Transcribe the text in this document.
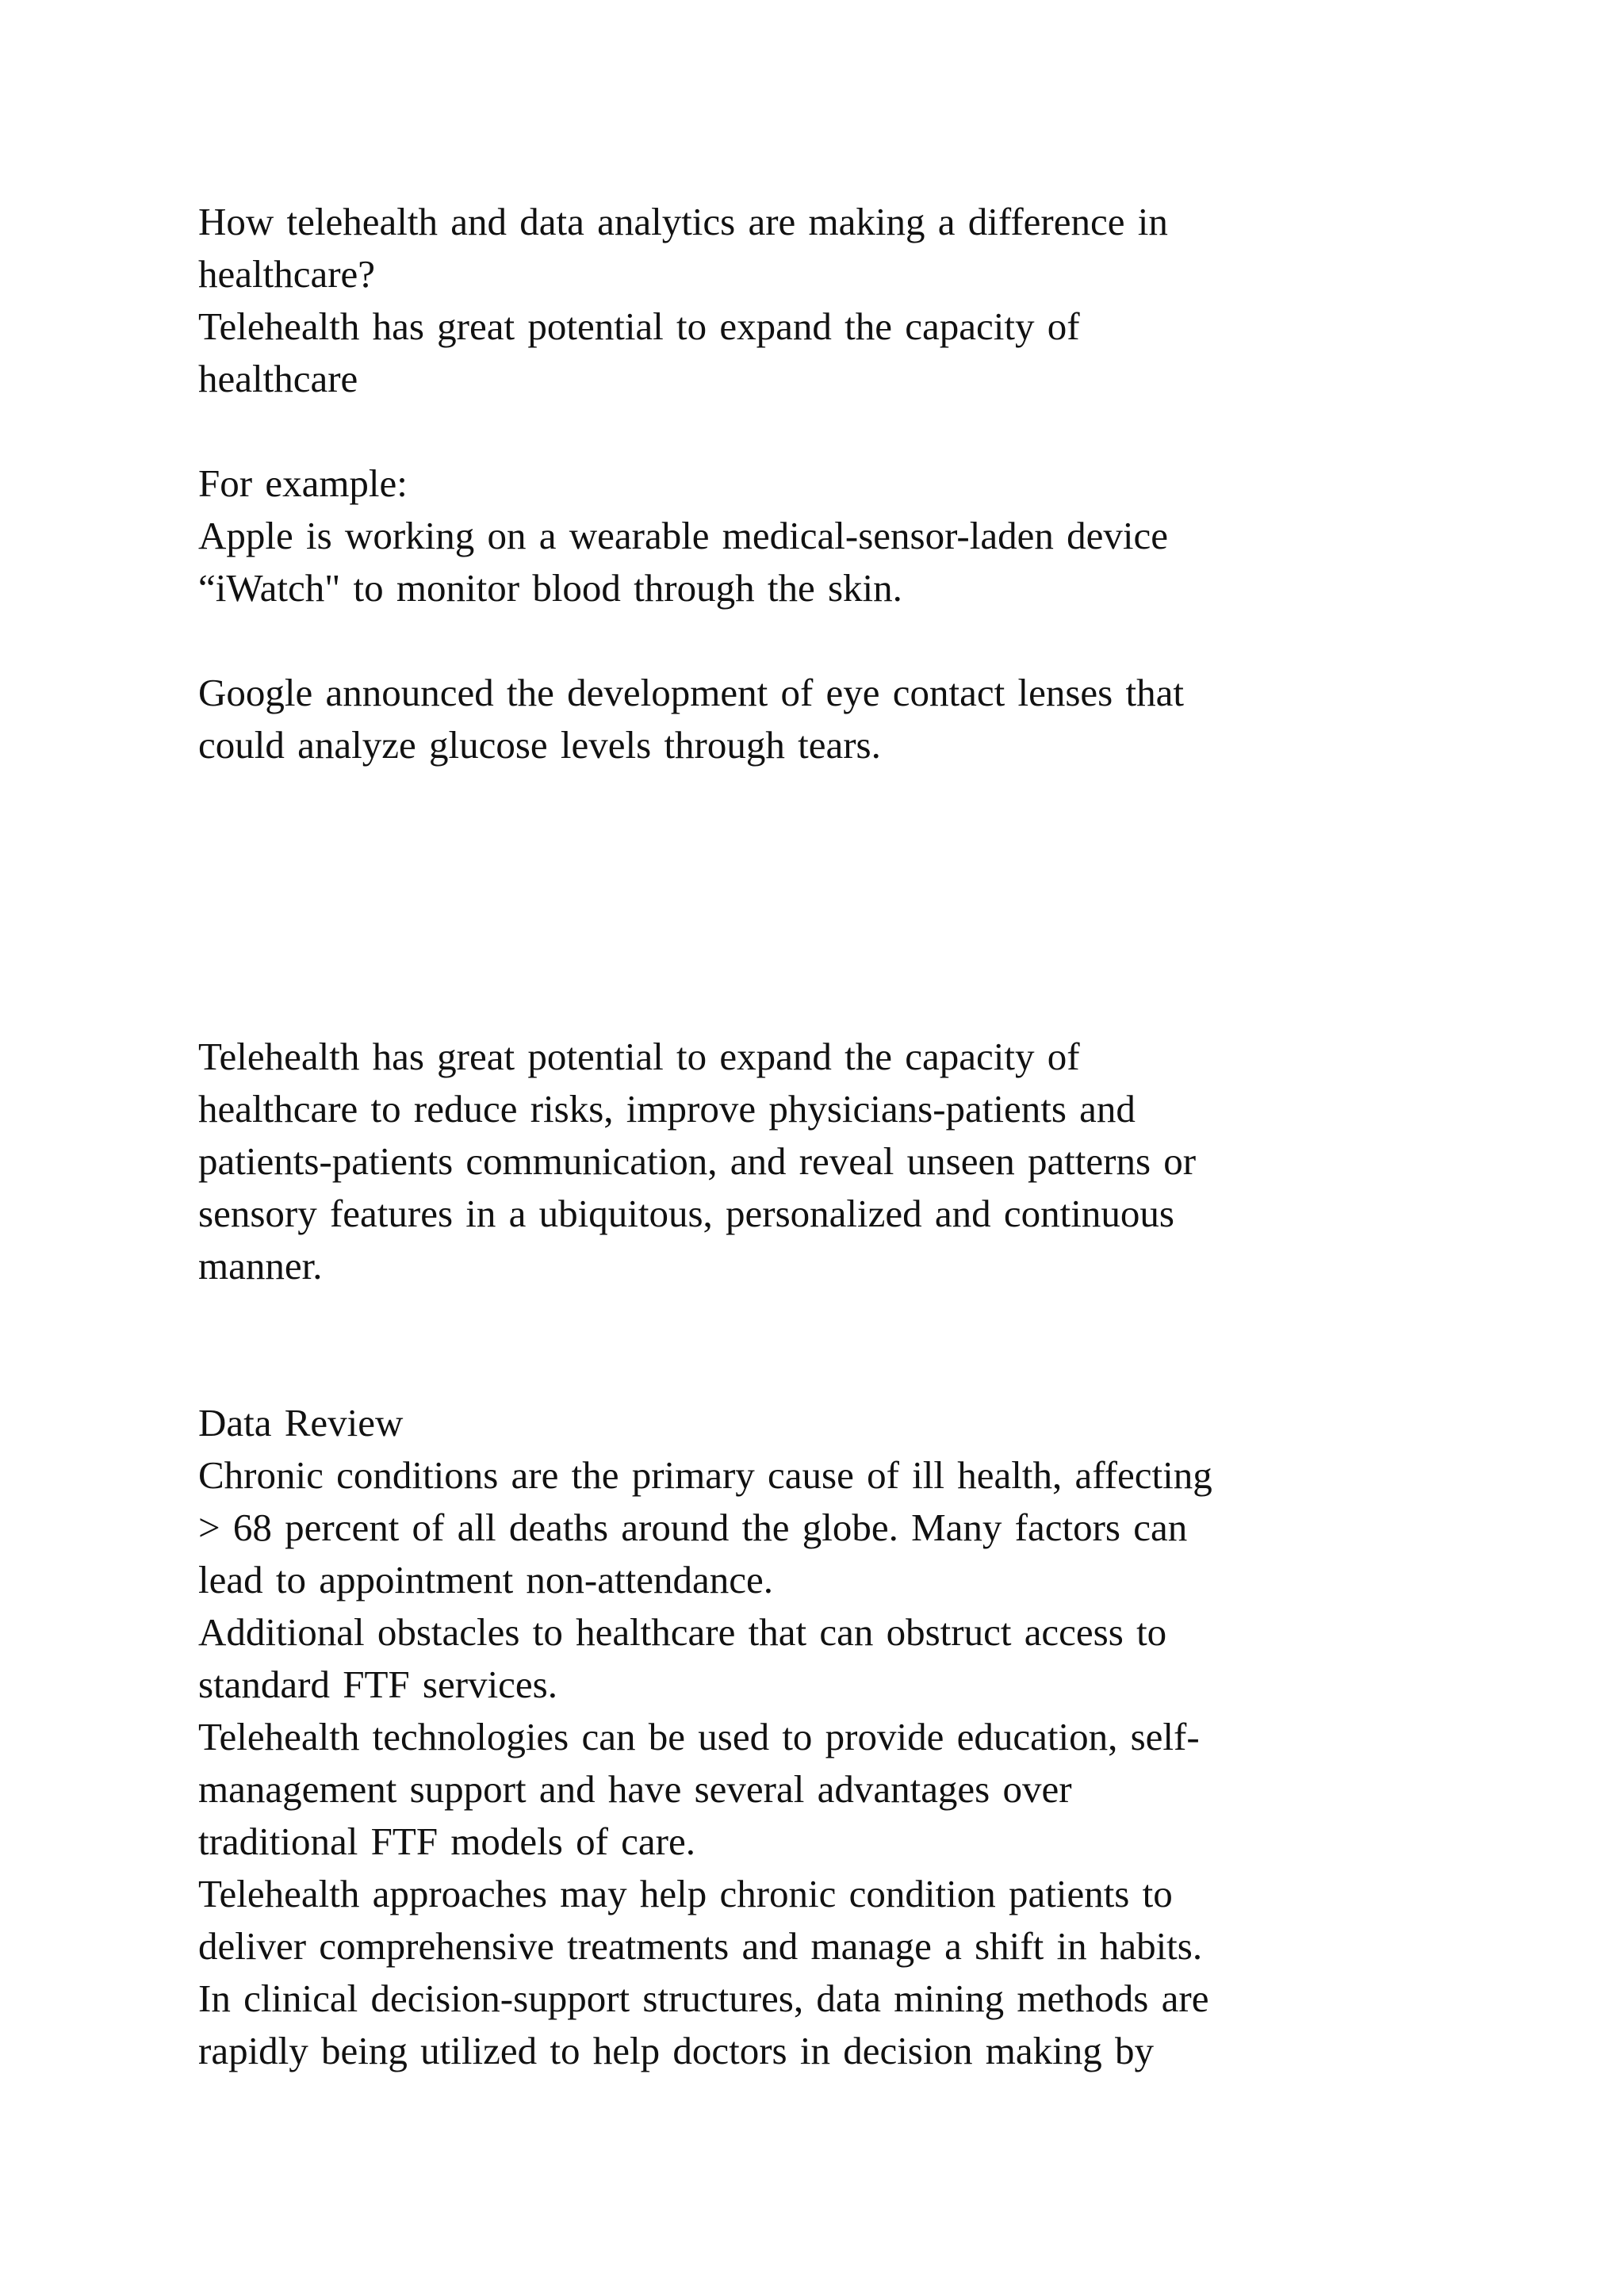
How telehealth and data analytics are making a difference in

healthcare?

Telehealth has great potential to expand the capacity of

healthcare

For example:

Apple is working on a wearable medical-sensor-laden device

“iWatch" to monitor blood through the skin.

Google announced the development of eye contact lenses that

could analyze glucose levels through tears.

Telehealth has great potential to expand the capacity of

healthcare to reduce risks, improve physicians-patients and

patients-patients communication, and reveal unseen patterns or

sensory features in a ubiquitous, personalized and continuous

manner.

Data Review

Chronic conditions are the primary cause of ill health, affecting

> 68 percent of all deaths around the globe. Many factors can

lead to appointment non-attendance.

Additional obstacles to healthcare that can obstruct access to

standard FTF services.

Telehealth technologies can be used to provide education, self-

management support and have several advantages over

traditional FTF models of care.

Telehealth approaches may help chronic condition patients to

deliver comprehensive treatments and manage a shift in habits.

In clinical decision-support structures, data mining methods are

rapidly being utilized to help doctors in decision making by
